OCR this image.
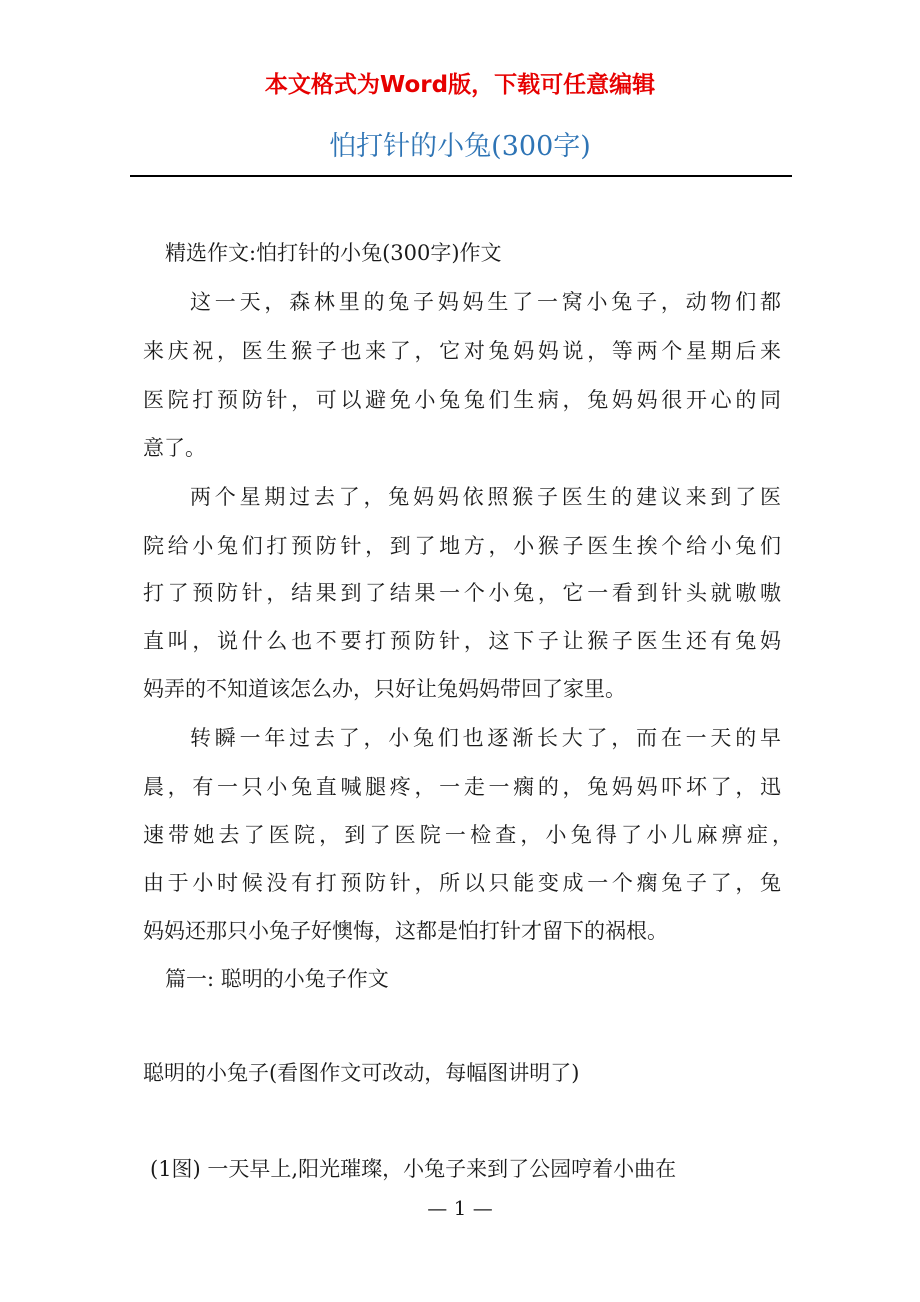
本文格式为Word版，下载可任意编辑
怕打针的小兔(300字)
精选作文:怕打针的小兔(300字)作文
这一天，森林里的兔子妈妈生了一窝小兔子，动物们都
来庆祝，医生猴子也来了，它对兔妈妈说，等两个星期后来
医院打预防针，可以避免小兔兔们生病，兔妈妈很开心的同
意了。
两个星期过去了，兔妈妈依照猴子医生的建议来到了医
院给小兔们打预防针，到了地方，小猴子医生挨个给小兔们
打了预防针，结果到了结果一个小兔，它一看到针头就嗷嗷
直叫，说什么也不要打预防针，这下子让猴子医生还有兔妈
妈弄的不知道该怎么办，只好让兔妈妈带回了家里。
转瞬一年过去了，小兔们也逐渐长大了，而在一天的早
晨，有一只小兔直喊腿疼，一走一瘸的，兔妈妈吓坏了，迅
速带她去了医院，到了医院一检查，小兔得了小儿麻痹症，
由于小时候没有打预防针，所以只能变成一个瘸兔子了，兔
妈妈还那只小兔子好懊悔，这都是怕打针才留下的祸根。
篇一: 聪明的小兔子作文
聪明的小兔子(看图作文可改动，每幅图讲明了)
(1图) 一天早上,阳光璀璨，小兔子来到了公园哼着小曲在
— 1 —
